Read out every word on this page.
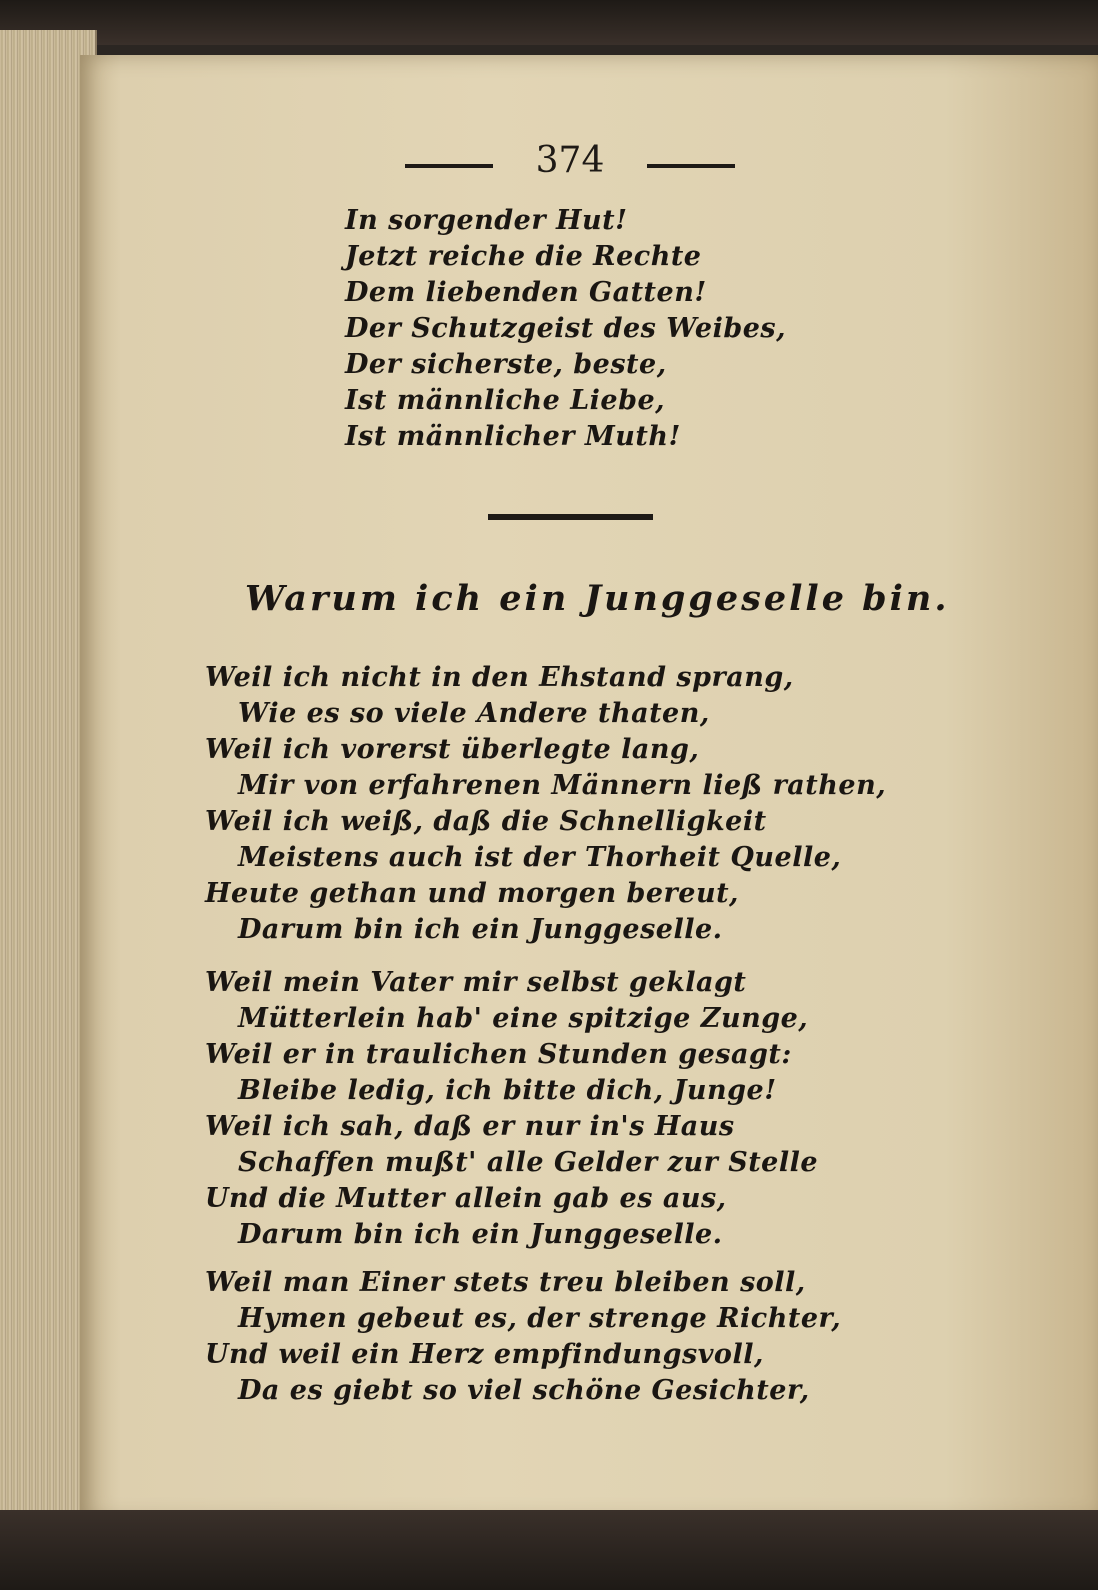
374
In sorgender Hut!
Jetzt reiche die Rechte
Dem liebenden Gatten!
Der Schutzgeist des Weibes,
Der sicherste, beste,
Ist männliche Liebe,
Ist männlicher Muth!
Warum ich ein Junggeselle bin.
Weil ich nicht in den Ehstand sprang,
Wie es so viele Andere thaten,
Weil ich vorerst überlegte lang,
Mir von erfahrenen Männern ließ rathen,
Weil ich weiß, daß die Schnelligkeit
Meistens auch ist der Thorheit Quelle,
Heute gethan und morgen bereut,
Darum bin ich ein Junggeselle.
Weil mein Vater mir selbst geklagt
Mütterlein hab' eine spitzige Zunge,
Weil er in traulichen Stunden gesagt:
Bleibe ledig, ich bitte dich, Junge!
Weil ich sah, daß er nur in's Haus
Schaffen mußt' alle Gelder zur Stelle
Und die Mutter allein gab es aus,
Darum bin ich ein Junggeselle.
Weil man Einer stets treu bleiben soll,
Hymen gebeut es, der strenge Richter,
Und weil ein Herz empfindungsvoll,
Da es giebt so viel schöne Gesichter,
